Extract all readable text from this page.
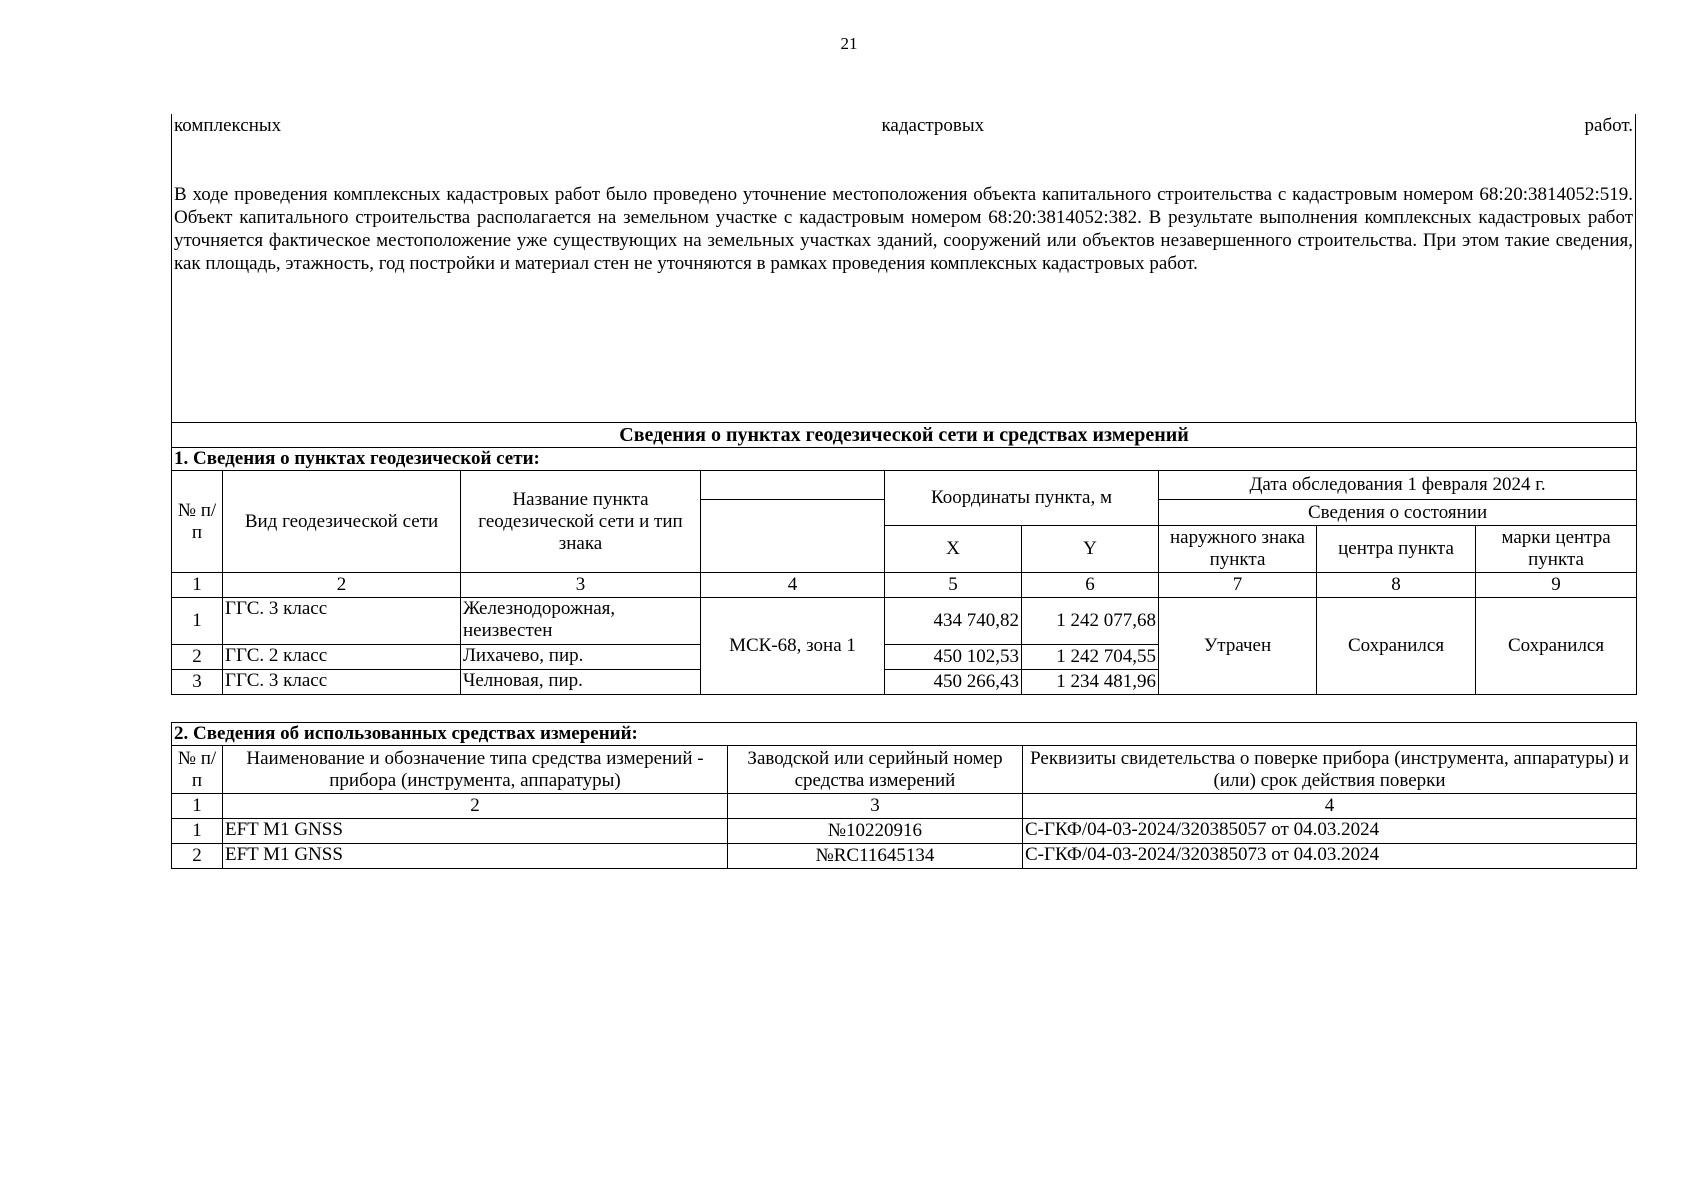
21
комплексных	кадастровых	работ.
В ходе проведения комплексных кадастровых работ было проведено уточнение местоположения объекта капитального строительства с кадастровым номером 68:20:3814052:519. Объект капитального строительства располагается на земельном участке с кадастровым номером 68:20:3814052:382. В результате выполнения комплексных кадастровых работ уточняется фактическое местоположение уже существующих на земельных участках зданий, сооружений или объектов незавершенного строительства. При этом такие сведения, как площадь, этажность, год постройки и материал стен не уточняются в рамках проведения комплексных кадастровых работ.
Сведения о пунктах геодезической сети и средствах измерений								
1. Сведения о пунктах геодезической сети:								
№ п/п	Вид геодезической сети	Название пункта геодезической сети и тип знака		Координаты пункта, м		Дата обследования 1 февраля 2024 г.		
						Сведения о состоянии		
				X	Y	наружного знака пункта	центра пункта	марки центра пункта
1	2	3	4	5	6	7	8	9
1	ГГС. 3 класс	Железнодорожная, неизвестен	МСК-68, зона 1	434 740,82	1 242 077,68	Утрачен	Сохранился	Сохранился
2	ГГС. 2 класс	Лихачево, пир.		450 102,53	1 242 704,55			
3	ГГС. 3 класс	Челновая, пир.		450 266,43	1 234 481,96			
2. Сведения об использованных средствах измерений:			
№ п/п	Наименование и обозначение типа средства измерений - прибора (инструмента, аппаратуры)	Заводской или серийный номер средства измерений	Реквизиты свидетельства о поверке прибора (инструмента, аппаратуры) и (или) срок действия поверки
1	2	3	4
1	EFT M1 GNSS	№10220916	С-ГКФ/04-03-2024/320385057 от 04.03.2024
2	EFT M1 GNSS	№RC11645134	С-ГКФ/04-03-2024/320385073 от 04.03.2024
